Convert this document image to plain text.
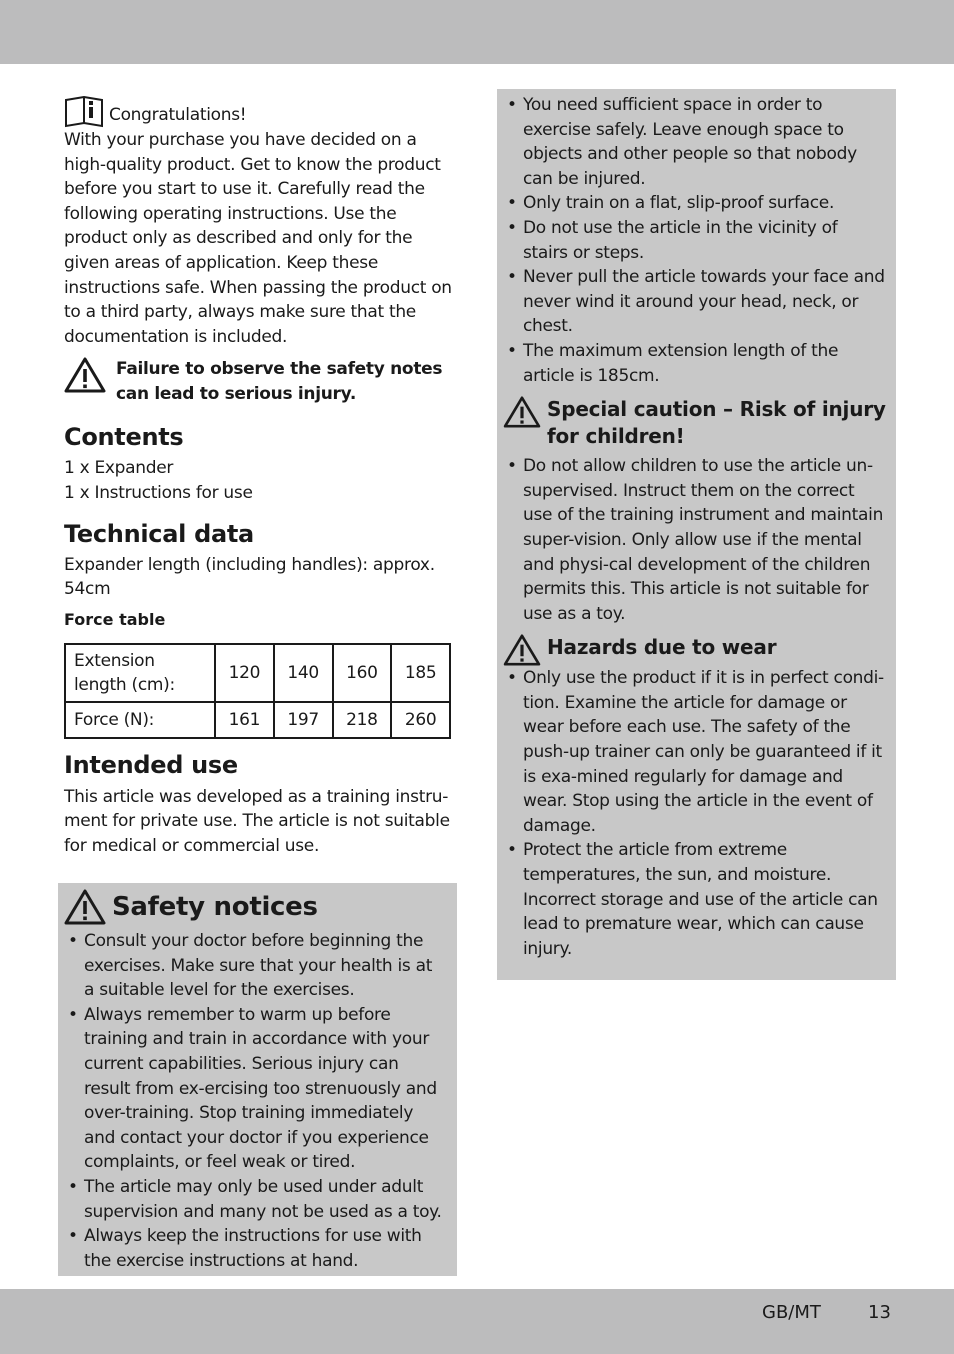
Congratulations!
With your purchase you have decided on a high-quality product. Get to know the product before you start to use it. Carefully read the following operating instructions. Use the product only as described and only for the given areas of application. Keep these instructions safe. When passing the product on to a third party, always make sure that the documentation is included.
Failure to observe the safety notes can lead to serious injury.
Contents
1 x Expander
1 x Instructions for use
Technical data
Expander length (including handles): approx. 54cm
Force table
Extension length (cm):	120	140	160	185
Force (N):	161	197	218	260
Intended use
This article was developed as a training instru-ment for private use. The article is not suitable for medical or commercial use.
Safety notices
• Consult your doctor before beginning the exercises. Make sure that your health is at a suitable level for the exercises.
• Always remember to warm up before training and train in accordance with your current capabilities. Serious injury can result from ex-ercising too strenuously and over-training. Stop training immediately and contact your doctor if you experience complaints, or feel weak or tired.
• The article may only be used under adult supervision and many not be used as a toy.
• Always keep the instructions for use with the exercise instructions at hand.
• You need sufficient space in order to exercise safely. Leave enough space to objects and other people so that nobody can be injured.
• Only train on a flat, slip-proof surface.
• Do not use the article in the vicinity of stairs or steps.
• Never pull the article towards your face and never wind it around your head, neck, or chest.
• The maximum extension length of the article is 185cm.
Special caution – Risk of injury for children!
• Do not allow children to use the article un-supervised. Instruct them on the correct use of the training instrument and maintain super-vision. Only allow use if the mental and physi-cal development of the children permits this. This article is not suitable for use as a toy.
Hazards due to wear
• Only use the product if it is in perfect condi-tion. Examine the article for damage or wear before each use. The safety of the push-up trainer can only be guaranteed if it is exa-mined regularly for damage and wear. Stop using the article in the event of damage.
• Protect the article from extreme temperatures, the sun, and moisture. Incorrect storage and use of the article can lead to premature wear, which can cause injury.
GB/MT	13
